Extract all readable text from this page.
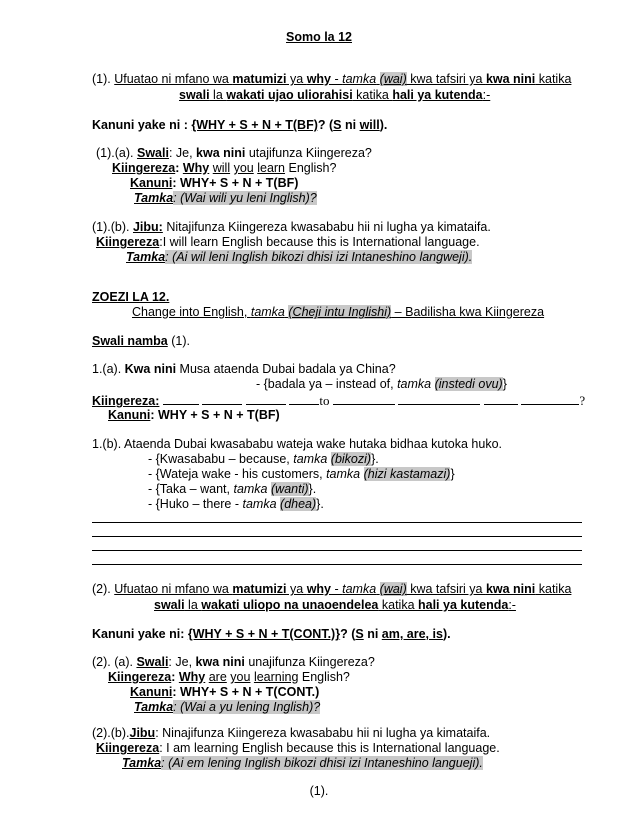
Somo la 12
(1). Ufuatao ni mfano wa matumizi ya why - tamka (wai) kwa tafsiri ya kwa nini katika
swali la wakati ujao uliorahisi katika hali ya kutenda:-
Kanuni yake ni : {WHY + S + N + T(BF)? (S ni will).
(1).(a). Swali: Je, kwa nini utajifunza Kiingereza?
Kiingereza: Why will you learn English?
Kanuni: WHY+ S + N + T(BF)
Tamka: (Wai wili yu leni Inglish)?
(1).(b). Jibu: Nitajifunza Kiingereza kwasababu hii ni lugha ya kimataifa.
Kiingereza:I will learn English because this is International language.
Tamka: (Ai wil leni Inglish bikozi dhisi izi Intaneshino langweji).
ZOEZI LA 12.
Change into English, tamka (Cheji intu Inglishi) – Badilisha kwa Kiingereza
Swali namba (1).
1.(a). Kwa nini Musa ataenda Dubai badala ya China?
- {badala ya – instead of, tamka (instedi ovu)}
Kiingereza:	to	?
Kanuni: WHY + S + N + T(BF)
1.(b). Ataenda Dubai kwasababu wateja wake hutaka bidhaa kutoka huko.
- {Kwasababu – because, tamka (bikozi)}.
- {Wateja wake - his customers, tamka (hizi kastamazi)}
- {Taka – want, tamka (wanti)}.
- {Huko – there - tamka (dhea)}.
(2). Ufuatao ni mfano wa matumizi ya why - tamka (wai) kwa tafsiri ya kwa nini katika
swali la wakati uliopo na unaoendelea katika hali ya kutenda:-
Kanuni yake ni: {WHY + S + N + T(CONT.)}? (S ni am, are, is).
(2). (a). Swali: Je, kwa nini unajifunza Kiingereza?
Kiingereza: Why are you learning English?
Kanuni: WHY+ S + N + T(CONT.)
Tamka: (Wai a yu lening Inglish)?
(2).(b).Jibu: Ninajifunza Kiingereza kwasababu hii ni lugha ya kimataifa.
Kiingereza: I am learning English because this is International language.
Tamka: (Ai em lening Inglish bikozi dhisi izi Intaneshino langueji).
(1).
